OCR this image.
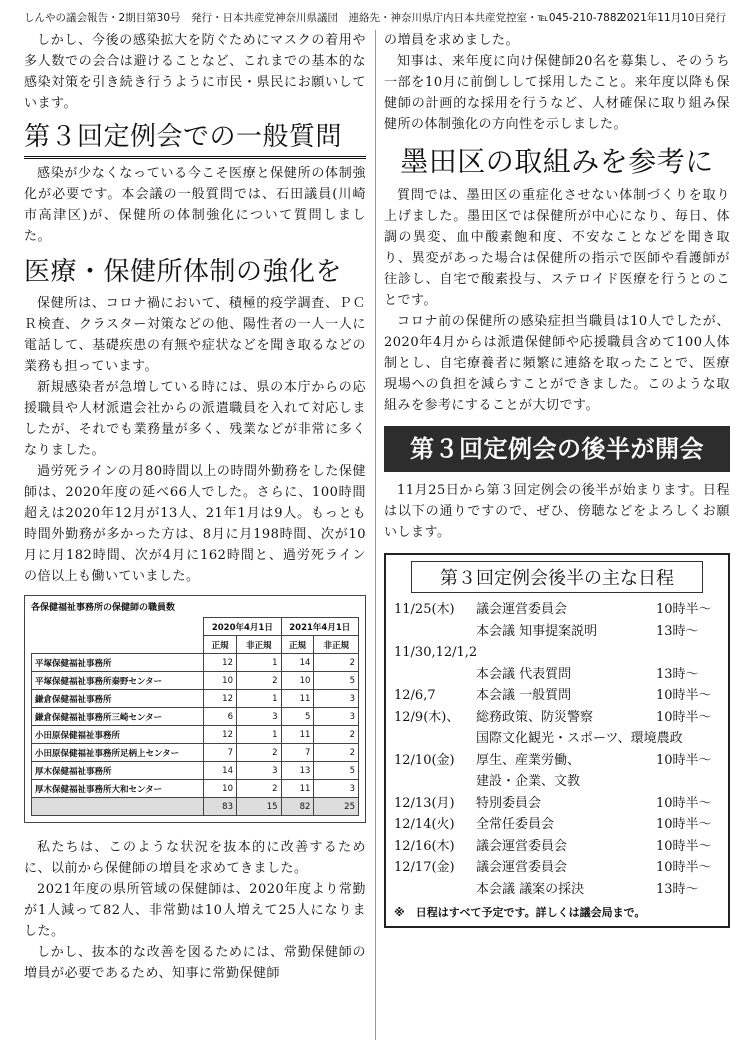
しんやの議会報告・2期目第30号　発行・日本共産党神奈川県議団　連絡先・神奈川県庁内日本共産党控室・℡045-210-7882
2021年11月10日発行

しかし、今後の感染拡大を防ぐためにマスクの着用や多人数での会合は避けることなど、これまでの基本的な感染対策を引き続き行うように市民・県民にお願いしています。

第３回定例会での一般質問

感染が少なくなっている今こそ医療と保健所の体制強化が必要です。本会議の一般質問では、石田議員(川崎市高津区)が、保健所の体制強化について質問しました。

医療・保健所体制の強化を

保健所は、コロナ禍において、積極的疫学調査、ＰＣＲ検査、クラスター対策などの他、陽性者の一人一人に電話して、基礎疾患の有無や症状などを聞き取るなどの業務も担っています。

新規感染者が急増している時には、県の本庁からの応援職員や人材派遣会社からの派遣職員を入れて対応しましたが、それでも業務量が多く、残業などが非常に多くなりました。

過労死ラインの月80時間以上の時間外勤務をした保健師は、2020年度の延べ66人でした。さらに、100時間超えは2020年12月が13人、21年1月は9人。もっとも時間外勤務が多かった方は、8月に月198時間、次が10月に月182時間、次が4月に162時間と、過労死ラインの倍以上も働いていました。

各保健福祉事務所の保健師の職員数
	2020年4月1日		2021年4月1日	
	正規	非正規	正規	非正規
平塚保健福祉事務所	12	1	14	2
平塚保健福祉事務所秦野センター	10	2	10	5
鎌倉保健福祉事務所	12	1	11	3
鎌倉保健福祉事務所三崎センター	6	3	5	3
小田原保健福祉事務所	12	1	11	2
小田原保健福祉事務所足柄上センター	7	2	7	2
厚木保健福祉事務所	14	3	13	5
厚木保健福祉事務所大和センター	10	2	11	3
	83	15	82	25

私たちは、このような状況を抜本的に改善するために、以前から保健師の増員を求めてきました。

2021年度の県所管域の保健師は、2020年度より常勤が1人減って82人、非常勤は10人増えて25人になりました。

しかし、抜本的な改善を図るためには、常勤保健師の増員が必要であるため、知事に常勤保健師

の増員を求めました。

知事は、来年度に向け保健師20名を募集し、そのうち一部を10月に前倒しして採用したこと。来年度以降も保健師の計画的な採用を行うなど、人材確保に取り組み保健所の体制強化の方向性を示しました。

墨田区の取組みを参考に

質問では、墨田区の重症化させない体制づくりを取り上げました。墨田区では保健所が中心になり、毎日、体調の異変、血中酸素飽和度、不安なことなどを聞き取り、異変があった場合は保健所の指示で医師や看護師が往診し、自宅で酸素投与、ステロイド医療を行うとのことです。

コロナ前の保健所の感染症担当職員は10人でしたが、2020年4月からは派遣保健師や応援職員含めて100人体制とし、自宅療養者に頻繁に連絡を取ったことで、医療現場への負担を減らすことができました。このような取組みを参考にすることが大切です。

第３回定例会の後半が開会

11月25日から第３回定例会の後半が始まります。日程は以下の通りですので、ぜひ、傍聴などをよろしくお願いします。

第３回定例会後半の主な日程
11/25(木) 議会運営委員会	10時半～
本会議 知事提案説明	13時～
11/30,12/1,2
本会議 代表質問	13時～
12/6,7	本会議 一般質問	10時半～
12/9(木)、 総務政策、防災警察	10時半～
国際文化観光・スポーツ、環境農政
12/10(金) 厚生、産業労働、	10時半～
建設・企業、文教
12/13(月) 特別委員会	10時半～
12/14(火) 全常任委員会	10時半～
12/16(木) 議会運営委員会	10時半～
12/17(金) 議会運営委員会	10時半～
本会議 議案の採決	13時～
※　日程はすべて予定です。詳しくは議会局まで。
